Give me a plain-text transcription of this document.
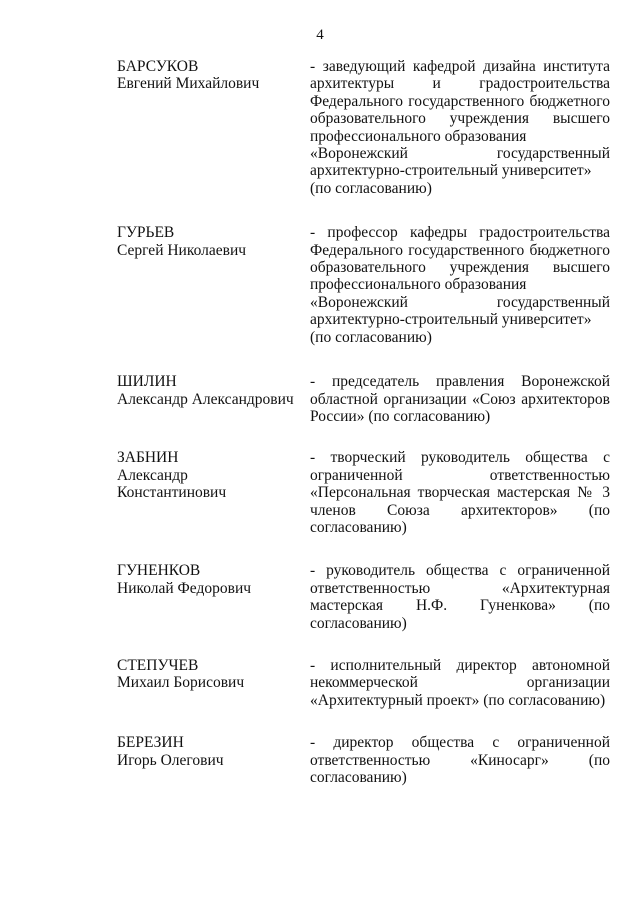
4
БАРСУКОВ
Евгений Михайлович

- заведующий кафедрой дизайна института архитектуры и градостроительства Федерального государственного бюджетного образовательного учреждения высшего профессионального образования

«Воронежский государственный архитектурно-строительный университет»

(по согласованию)

ГУРЬЕВ
Сергей Николаевич

- профессор кафедры градостроительства Федерального государственного бюджетного образовательного учреждения высшего профессионального образования

«Воронежский государственный архитектурно-строительный университет»

(по согласованию)

ШИЛИН
Александр Александрович

- председатель правления Воронежской областной организации «Союз архитекторов России» (по согласованию)

ЗАБНИН
Александр
Константинович

- творческий руководитель общества с ограниченной ответственностью «Персональная творческая мастерская № 3 членов Союза архитекторов» (по согласованию)

ГУНЕНКОВ
Николай Федорович

- руководитель общества с ограниченной ответственностью «Архитектурная мастерская Н.Ф. Гуненкова» (по согласованию)

СТЕПУЧЕВ
Михаил Борисович

- исполнительный директор автономной некоммерческой организации «Архитектурный проект» (по согласованию)

БЕРЕЗИН
Игорь Олегович

- директор общества с ограниченной ответственностью «Киносарг» (по согласованию)
